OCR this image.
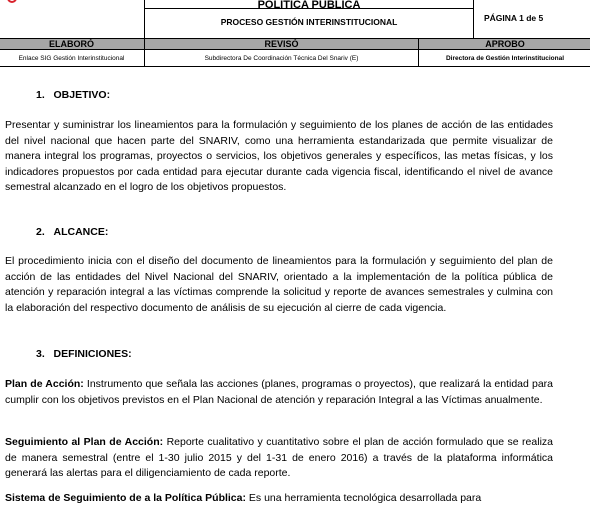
POLÍTICA PÚBLICA
PROCESO GESTIÓN INTERINSTITUCIONAL	PÁGINA 1 de 5
ELABORÓ	REVISÓ	APROBO
Enlace SIG Gestión Interinstitucional	Subdirectora De Coordinación Técnica Del Snariv (E)	Directora de Gestión Interinstitucional
1.   OBJETIVO:

Presentar y suministrar los lineamientos para la formulación y seguimiento de los planes de acción de las entidades del nivel nacional que hacen parte del SNARIV, como una herramienta estandarizada que permite visualizar de manera integral los programas, proyectos o servicios, los objetivos generales y específicos, las metas físicas, y los indicadores propuestos por cada entidad para ejecutar durante cada vigencia fiscal, identificando el nivel de avance semestral alcanzado en el logro de los objetivos propuestos.

2.   ALCANCE:

El procedimiento inicia con el diseño del documento de lineamientos para la formulación y seguimiento del plan de acción de las entidades del Nivel Nacional del SNARIV, orientado a la implementación de la política pública de atención y reparación integral a las víctimas comprende la solicitud y reporte de avances semestrales y culmina con la elaboración del respectivo documento de análisis de su ejecución al cierre de cada vigencia.

3.   DEFINICIONES:

Plan de Acción: Instrumento que señala las acciones (planes, programas o proyectos), que realizará la entidad para cumplir con los objetivos previstos en el Plan Nacional de atención y reparación Integral a las Víctimas anualmente.

Seguimiento al Plan de Acción: Reporte cualitativo y cuantitativo sobre el plan de acción formulado que se realiza de manera semestral (entre el 1-30 julio 2015 y del 1-31 de enero 2016) a través de la plataforma informática generará las alertas para el diligenciamiento de cada reporte.

Sistema de Seguimiento de a la Política Pública: Es una herramienta tecnológica desarrollada para
